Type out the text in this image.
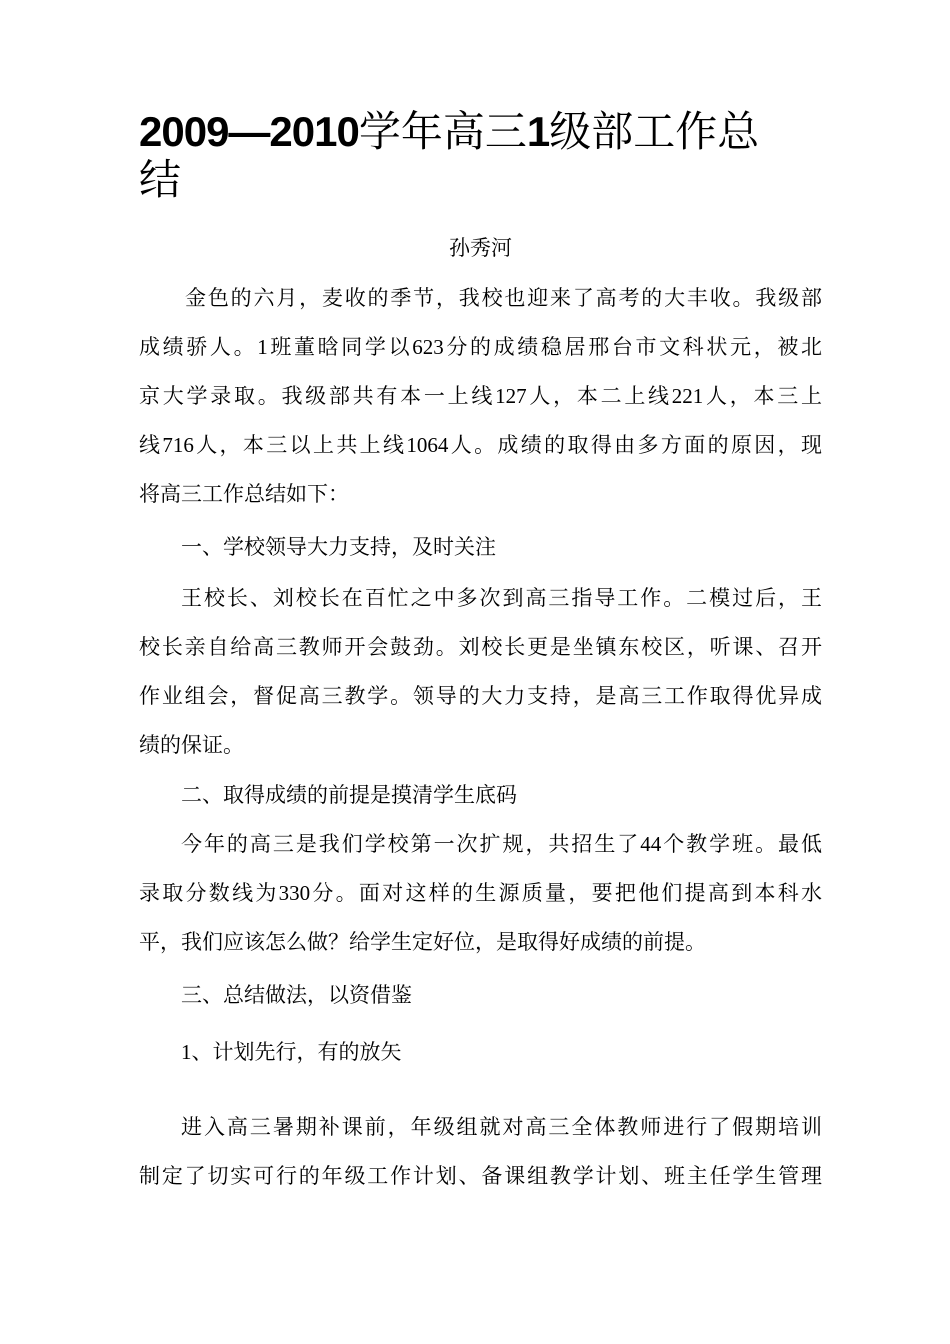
2009—2010学年高三1级部工作总
结
孙秀河
金色的六月，麦收的季节，我校也迎来了高考的大丰收。我级部
成绩骄人。1班董晗同学以623分的成绩稳居邢台市文科状元，被北
京大学录取。我级部共有本一上线127人，本二上线221人，本三上
线716人，本三以上共上线1064人。成绩的取得由多方面的原因，现
将高三工作总结如下：
一、学校领导大力支持，及时关注
王校长、刘校长在百忙之中多次到高三指导工作。二模过后，王
校长亲自给高三教师开会鼓劲。刘校长更是坐镇东校区，听课、召开
作业组会，督促高三教学。领导的大力支持，是高三工作取得优异成
绩的保证。
二、取得成绩的前提是摸清学生底码
今年的高三是我们学校第一次扩规，共招生了44个教学班。最低
录取分数线为330分。面对这样的生源质量，要把他们提高到本科水
平，我们应该怎么做？给学生定好位，是取得好成绩的前提。
三、总结做法，以资借鉴
1、计划先行，有的放矢
进入高三暑期补课前，年级组就对高三全体教师进行了假期培训
制定了切实可行的年级工作计划、备课组教学计划、班主任学生管理
